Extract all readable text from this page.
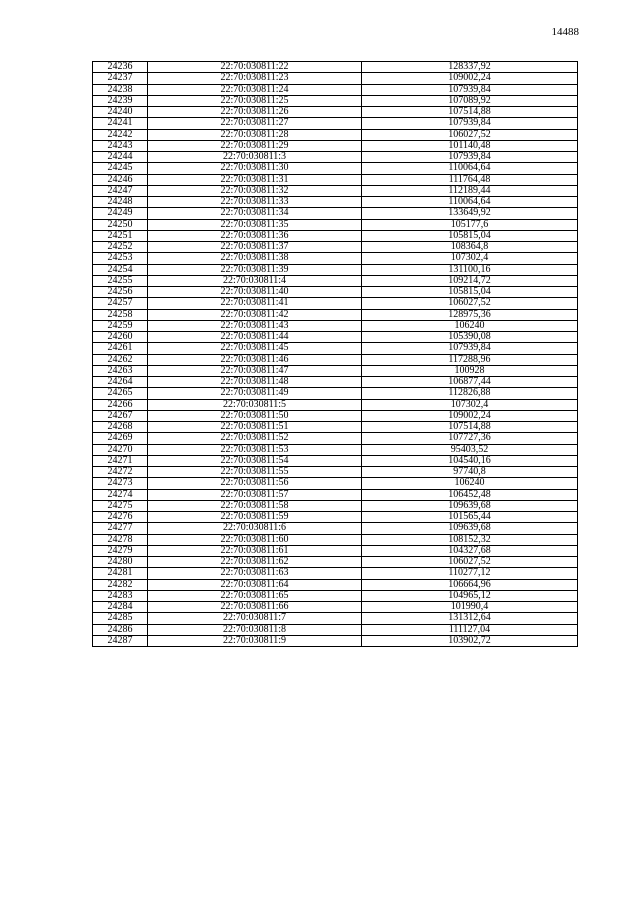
14488
24236	22:70:030811:22	128337,92
24237	22:70:030811:23	109002,24
24238	22:70:030811:24	107939,84
24239	22:70:030811:25	107089,92
24240	22:70:030811:26	107514,88
24241	22:70:030811:27	107939,84
24242	22:70:030811:28	106027,52
24243	22:70:030811:29	101140,48
24244	22:70:030811:3	107939,84
24245	22:70:030811:30	110064,64
24246	22:70:030811:31	111764,48
24247	22:70:030811:32	112189,44
24248	22:70:030811:33	110064,64
24249	22:70:030811:34	133649,92
24250	22:70:030811:35	105177,6
24251	22:70:030811:36	105815,04
24252	22:70:030811:37	108364,8
24253	22:70:030811:38	107302,4
24254	22:70:030811:39	131100,16
24255	22:70:030811:4	109214,72
24256	22:70:030811:40	105815,04
24257	22:70:030811:41	106027,52
24258	22:70:030811:42	128975,36
24259	22:70:030811:43	106240
24260	22:70:030811:44	105390,08
24261	22:70:030811:45	107939,84
24262	22:70:030811:46	117288,96
24263	22:70:030811:47	100928
24264	22:70:030811:48	106877,44
24265	22:70:030811:49	112826,88
24266	22:70:030811:5	107302,4
24267	22:70:030811:50	109002,24
24268	22:70:030811:51	107514,88
24269	22:70:030811:52	107727,36
24270	22:70:030811:53	95403,52
24271	22:70:030811:54	104540,16
24272	22:70:030811:55	97740,8
24273	22:70:030811:56	106240
24274	22:70:030811:57	106452,48
24275	22:70:030811:58	109639,68
24276	22:70:030811:59	101565,44
24277	22:70:030811:6	109639,68
24278	22:70:030811:60	108152,32
24279	22:70:030811:61	104327,68
24280	22:70:030811:62	106027,52
24281	22:70:030811:63	110277,12
24282	22:70:030811:64	106664,96
24283	22:70:030811:65	104965,12
24284	22:70:030811:66	101990,4
24285	22:70:030811:7	131312,64
24286	22:70:030811:8	111127,04
24287	22:70:030811:9	103902,72
